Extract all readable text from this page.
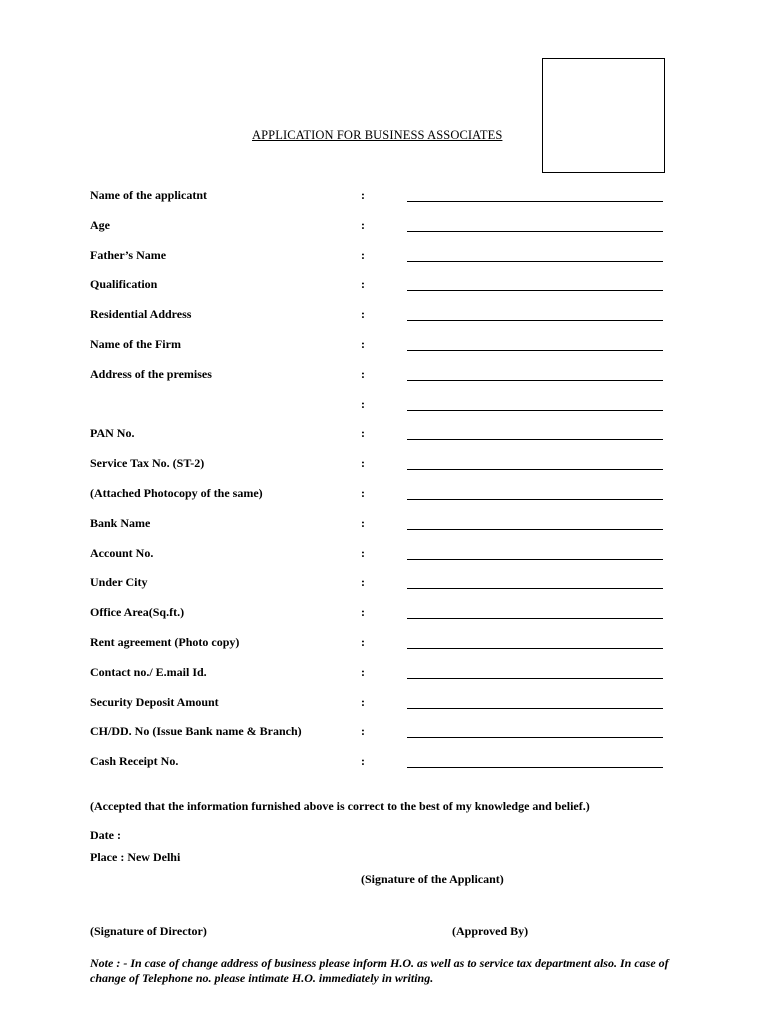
APPLICATION FOR BUSINESS ASSOCIATES
Name of the applicatnt	:
Age	:
Father’s Name	:
Qualification	:
Residential Address	:
Name of the Firm	:
Address of the premises	:
:
PAN No.	:
Service Tax No. (ST-2)	:
(Attached Photocopy of the same)	:
Bank Name	:
Account No.	:
Under City	:
Office Area(Sq.ft.)	:
Rent agreement (Photo copy)	:
Contact no./ E.mail Id.	:
Security Deposit Amount	:
CH/DD. No (Issue Bank name & Branch)	:
Cash Receipt No.	:
(Accepted that the information furnished above is correct to the best of my knowledge and belief.)
Date :
Place : New Delhi
(Signature of the Applicant)
(Signature of Director)	(Approved By)
Note : - In case of change address of business please inform H.O. as well as to service tax department also. In case of change of Telephone no. please intimate H.O. immediately in writing.
